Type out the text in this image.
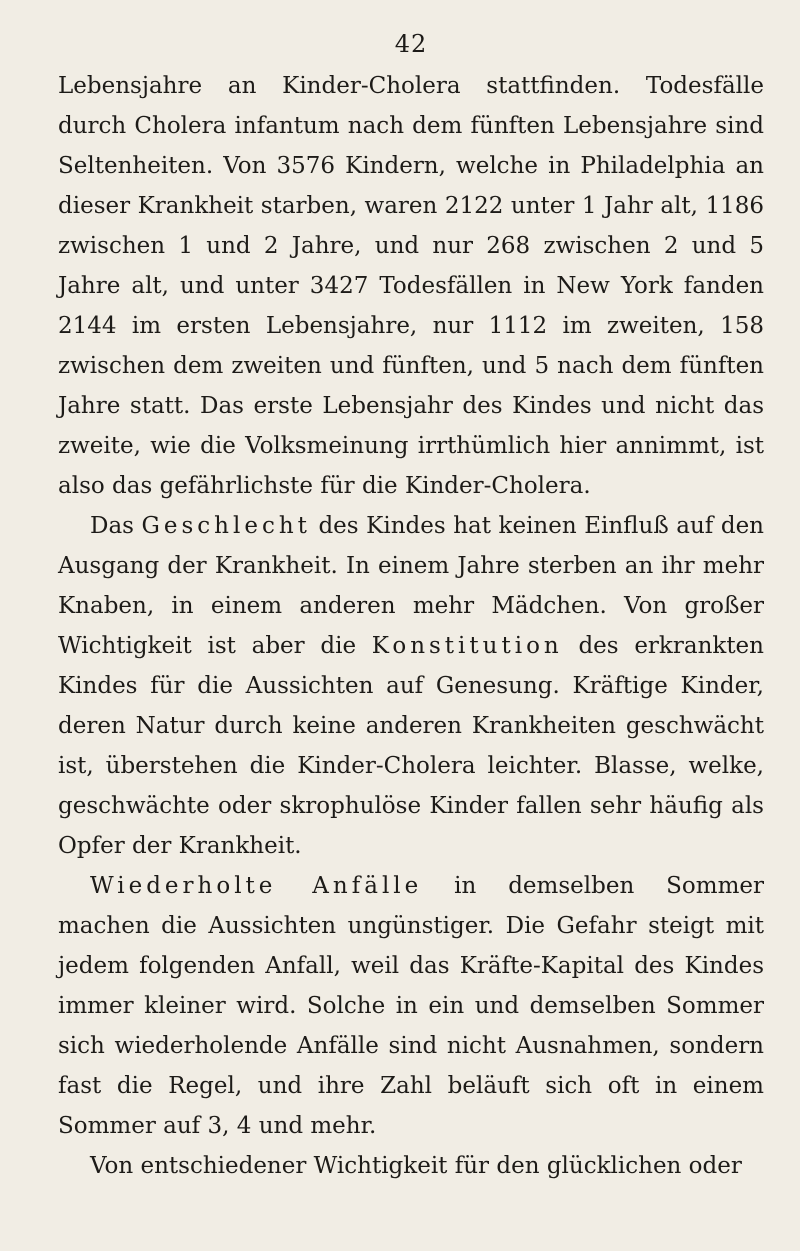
42

Lebensjahre an Kinder-Cholera stattfinden. Todesfälle durch Cholera infantum nach dem fünften Lebensjahre sind Seltenheiten. Von 3576 Kindern, welche in Philadelphia an dieser Krankheit starben, waren 2122 unter 1 Jahr alt, 1186 zwischen 1 und 2 Jahre, und nur 268 zwischen 2 und 5 Jahre alt, und unter 3427 Todesfällen in New York fanden 2144 im ersten Lebensjahre, nur 1112 im zweiten, 158 zwischen dem zweiten und fünften, und 5 nach dem fünften Jahre statt. Das erste Lebensjahr des Kindes und nicht das zweite, wie die Volksmeinung irrthümlich hier annimmt, ist also das gefährlichste für die Kinder-Cholera.

Das Geschlecht des Kindes hat keinen Einfluß auf den Ausgang der Krankheit. In einem Jahre sterben an ihr mehr Knaben, in einem anderen mehr Mädchen. Von großer Wichtigkeit ist aber die Konstitution des erkrankten Kindes für die Aussichten auf Genesung. Kräftige Kinder, deren Natur durch keine anderen Krankheiten geschwächt ist, überstehen die Kinder-Cholera leichter. Blasse, welke, geschwächte oder skrophulöse Kinder fallen sehr häufig als Opfer der Krankheit.

Wiederholte Anfälle in demselben Sommer machen die Aussichten ungünstiger. Die Gefahr steigt mit jedem folgenden Anfall, weil das Kräfte-Kapital des Kindes immer kleiner wird. Solche in ein und demselben Sommer sich wiederholende Anfälle sind nicht Ausnahmen, sondern fast die Regel, und ihre Zahl beläuft sich oft in einem Sommer auf 3, 4 und mehr.

Von entschiedener Wichtigkeit für den glücklichen oder
